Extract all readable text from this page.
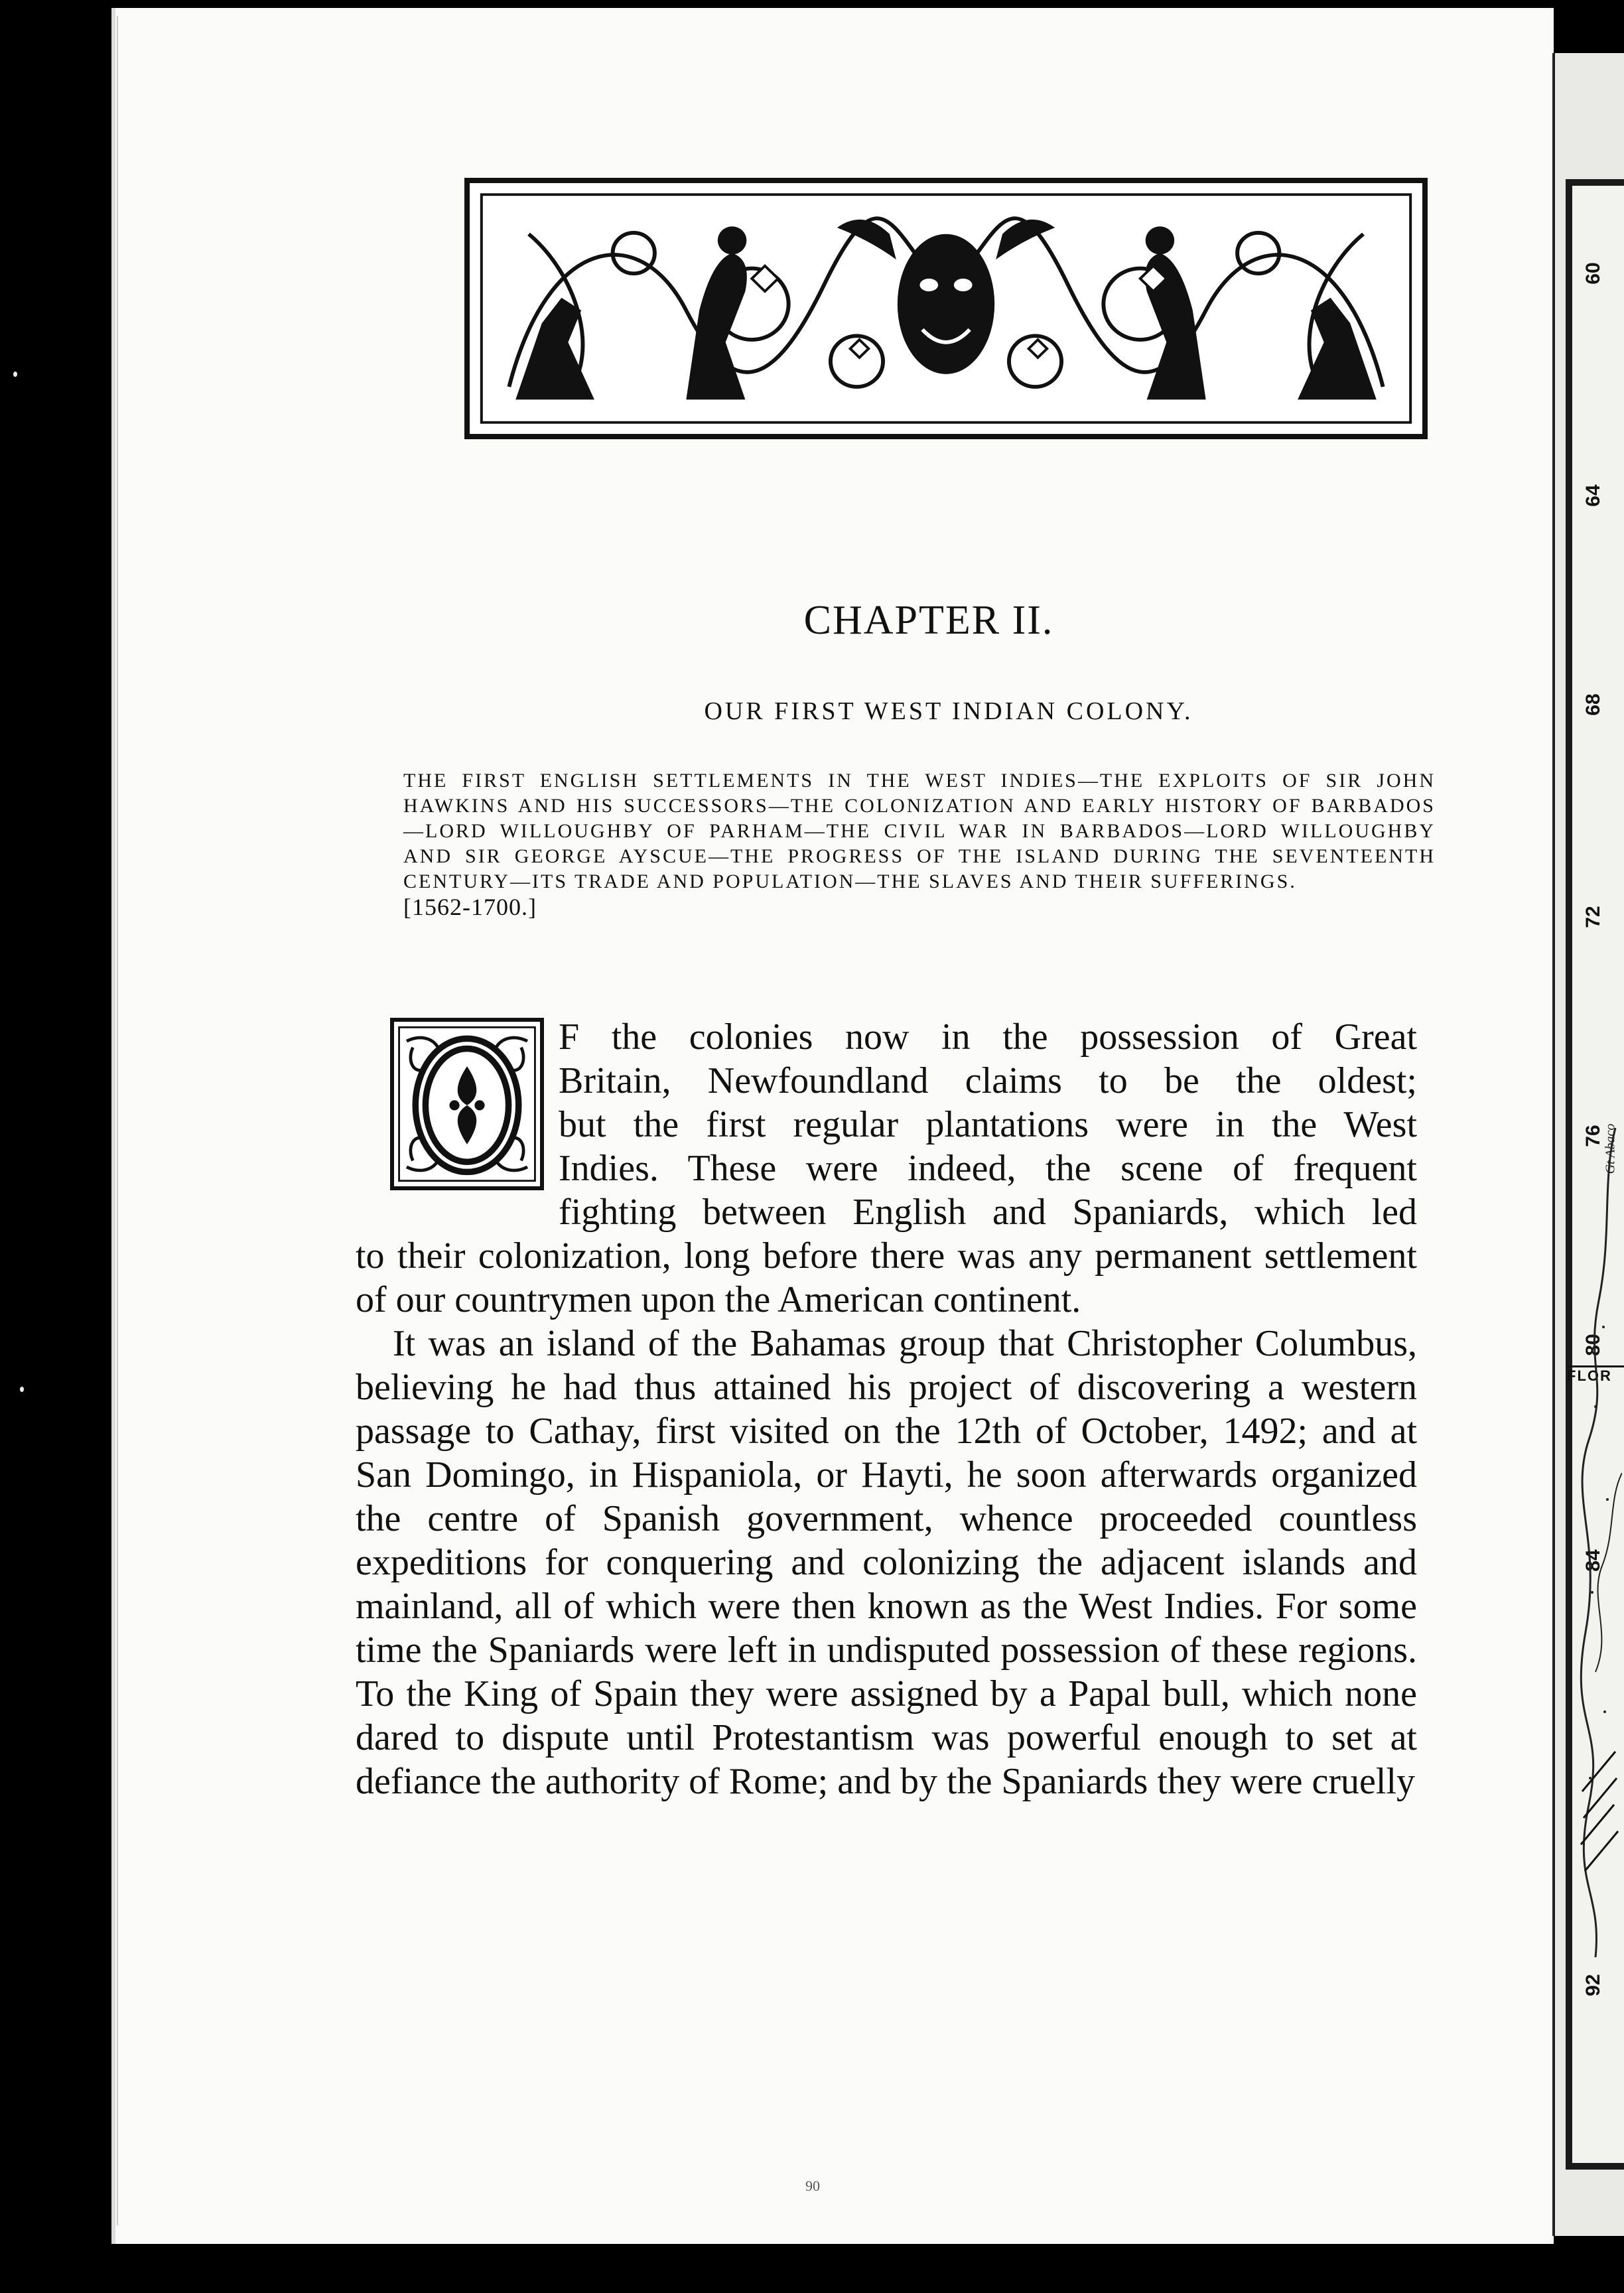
60
64
68
72
76
80
84
92
Gt Abaco
FLOR
CHAPTER II.
OUR FIRST WEST INDIAN COLONY.
THE FIRST ENGLISH SETTLEMENTS IN THE WEST INDIES—THE EXPLOITS OF SIR JOHN HAWKINS AND HIS SUCCESSORS—THE COLONIZATION AND EARLY HISTORY OF BARBADOS—LORD WILLOUGHBY OF PARHAM—THE CIVIL WAR IN BARBADOS—LORD WILLOUGHBY AND SIR GEORGE AYSCUE—THE PROGRESS OF THE ISLAND DURING THE SEVENTEENTH CENTURY—ITS TRADE AND POPULATION—THE SLAVES AND THEIR SUFFERINGS.
[1562-1700.]

F the colonies now in the possession of Great
Britain, Newfoundland claims to be the oldest;
but the first regular plantations were in the West
Indies. These were indeed, the scene of frequent
fighting between English and Spaniards, which led
to their colonization, long before there was any permanent settlement of our countrymen upon the American continent.

It was an island of the Bahamas group that Christopher Columbus, believing he had thus attained his project of discovering a western passage to Cathay, first visited on the 12th of October, 1492; and at San Domingo, in Hispaniola, or Hayti, he soon afterwards organized the centre of Spanish government, whence proceeded countless expeditions for conquering and colonizing the adjacent islands and mainland, all of which were then known as the West Indies. For some time the Spaniards were left in undisputed possession of these regions. To the King of Spain they were assigned by a Papal bull, which none dared to dispute until Protestantism was powerful enough to set at defiance the authority of Rome; and by the Spaniards they were cruelly

90
